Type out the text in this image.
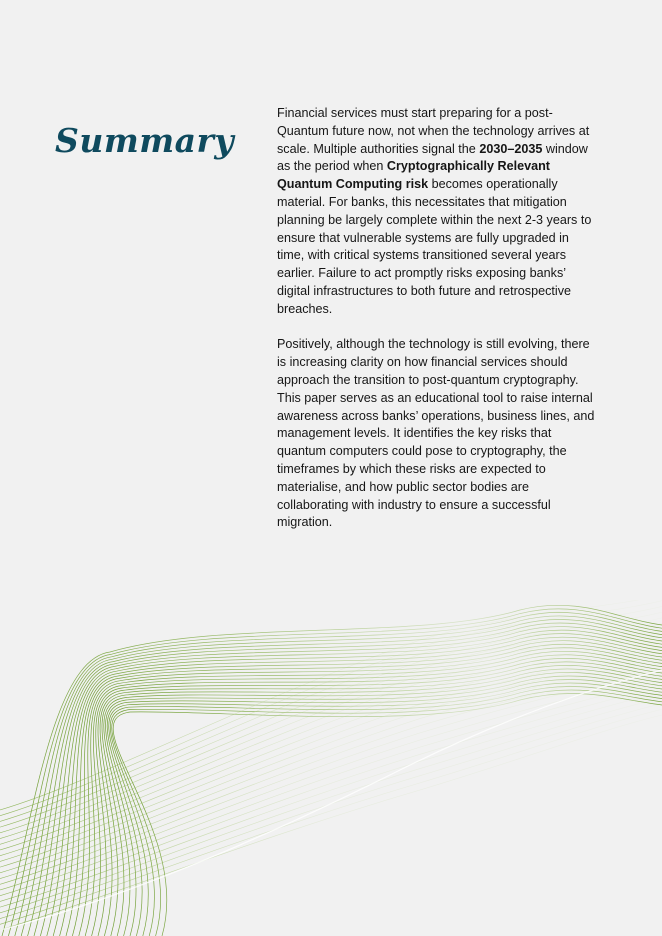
Summary

Financial services must start preparing for a post-Quantum future now, not when the technology arrives at scale. Multiple authorities signal the 2030–2035 window as the period when Cryptographically Relevant Quantum Computing risk becomes operationally material. For banks, this necessitates that mitigation planning be largely complete within the next 2-3 years to ensure that vulnerable systems are fully upgraded in time, with critical systems transitioned several years earlier. Failure to act promptly risks exposing banks’ digital infrastructures to both future and retrospective breaches.

Positively, although the technology is still evolving, there is increasing clarity on how financial services should approach the transition to post-quantum cryptography. This paper serves as an educational tool to raise internal awareness across banks’ operations, business lines, and management levels. It identifies the key risks that quantum computers could pose to cryptography, the timeframes by which these risks are expected to materialise, and how public sector bodies are collaborating with industry to ensure a successful migration.
